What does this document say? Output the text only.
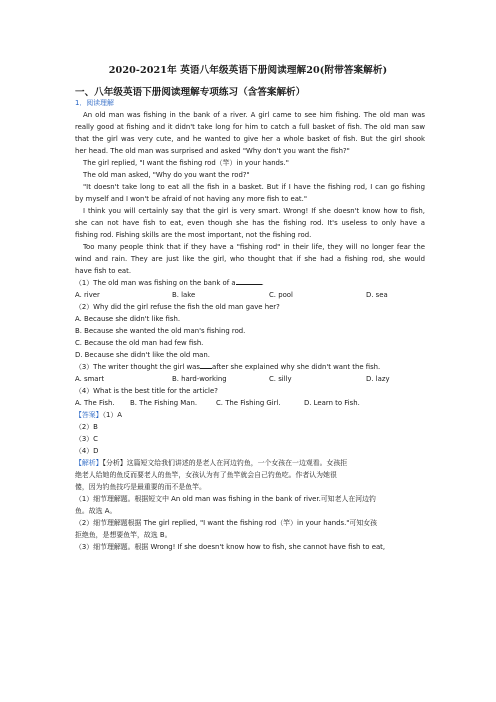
2020-2021年 英语八年级英语下册阅读理解20(附带答案解析)
一、八年级英语下册阅读理解专项练习（含答案解析）
1．阅读理解
An old man was fishing in the bank of a river. A girl came to see him fishing. The old man was
really good at fishing and it didn't take long for him to catch a full basket of fish. The old man saw
that the girl was very cute, and he wanted to give her a whole basket of fish. But the girl shook
her head. The old man was surprised and asked "Why don't you want the fish?"
The girl replied, "I want the fishing rod（竿）in your hands."
The old man asked, "Why do you want the rod?"
"It doesn't take long to eat all the fish in a basket. But if I have the fishing rod, I can go fishing
by myself and I won't be afraid of not having any more fish to eat."
I think you will certainly say that the girl is very smart. Wrong! If she doesn't know how to fish,
she can not have fish to eat, even though she has the fishing rod. It's useless to only have a
fishing rod. Fishing skills are the most important, not the fishing rod.
Too many people think that if they have a "fishing rod" in their life, they will no longer fear the
wind and rain. They are just like the girl, who thought that if she had a fishing rod, she would
have fish to eat.
（1）The old man was fishing on the bank of a	.
A. river	B. lake	C. pool	D. sea
（2）Why did the girl refuse the fish the old man gave her?
A. Because she didn't like fish.
B. Because she wanted the old man's fishing rod.
C. Because the old man had few fish.
D. Because she didn't like the old man.
（3）The writer thought the girl was after she explained why she didn't want the fish.
A. smart	B. hard-working	C. silly	D. lazy
（4）What is the best title for the article?
A. The Fish.	B. The Fishing Man.	C. The Fishing Girl.	D. Learn to Fish.
【答案】（1）A
（2）B
（3）C
（4）D
【解析】【分析】这篇短文给我们讲述的是老人在河边钓鱼，一个女孩在一边观看。女孩拒
绝老人给她的鱼反而要老人的鱼竿，女孩认为有了鱼竿就会自己钓鱼吃。作者认为她很
傻，因为钓鱼技巧是最重要的而不是鱼竿。
（1）细节理解题。根据短文中 An old man was fishing in the bank of river.可知老人在河边钓
鱼。故选 A。
（2）细节理解题根据 The girl replied, "I want the fishing rod（竿）in your hands."可知女孩
拒绝鱼，是想要鱼竿，故选 B。
（3）细节理解题。根据 Wrong! If she doesn't know how to fish, she cannot have fish to eat,
